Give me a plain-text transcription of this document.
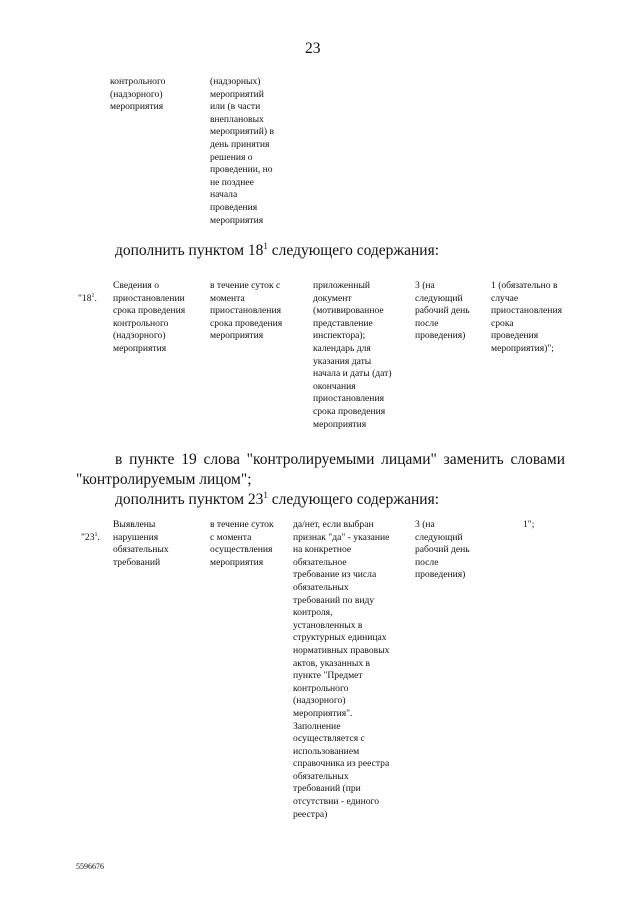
23
контрольного
(надзорного)
мероприятия
(надзорных)
мероприятий
или (в части
внеплановых
мероприятий) в
день принятия
решения о
проведении, но
не позднее
начала
проведения
мероприятия
дополнить пунктом $18^1$ следующего содержания:

"$18^1$.

Сведения о
приостановлении
срока проведения
контрольного
(надзорного)
мероприятия
в течение суток с
момента
приостановления
срока проведения
мероприятия
приложенный
документ
(мотивированное
представление
инспектора);
календарь для
указания даты
начала и даты (дат)
окончания
приостановления
срока проведения
мероприятия
3 (на
следующий
рабочий день
после
проведения)
1 (обязательно в
случае
приостановления
срока
проведения
мероприятия)";
в пункте 19 слова "контролируемыми лицами" заменить словами
"контролируемым лицом";
дополнить пунктом $23^1$ следующего содержания:

"$23^1$.

Выявлены
нарушения
обязательных
требований
в течение суток
с момента
осуществления
мероприятия
да/нет, если выбран
признак "да" - указание
на конкретное
обязательное
требование из числа
обязательных
требований по виду
контроля,
установленных в
структурных единицах
нормативных правовых
актов, указанных в
пункте "Предмет
контрольного
(надзорного)
мероприятия".
Заполнение
осуществляется с
использованием
справочника из реестра
обязательных
требований (при
отсутствии - единого
реестра)
3 (на
следующий
рабочий день
после
проведения)
1";
5596676
